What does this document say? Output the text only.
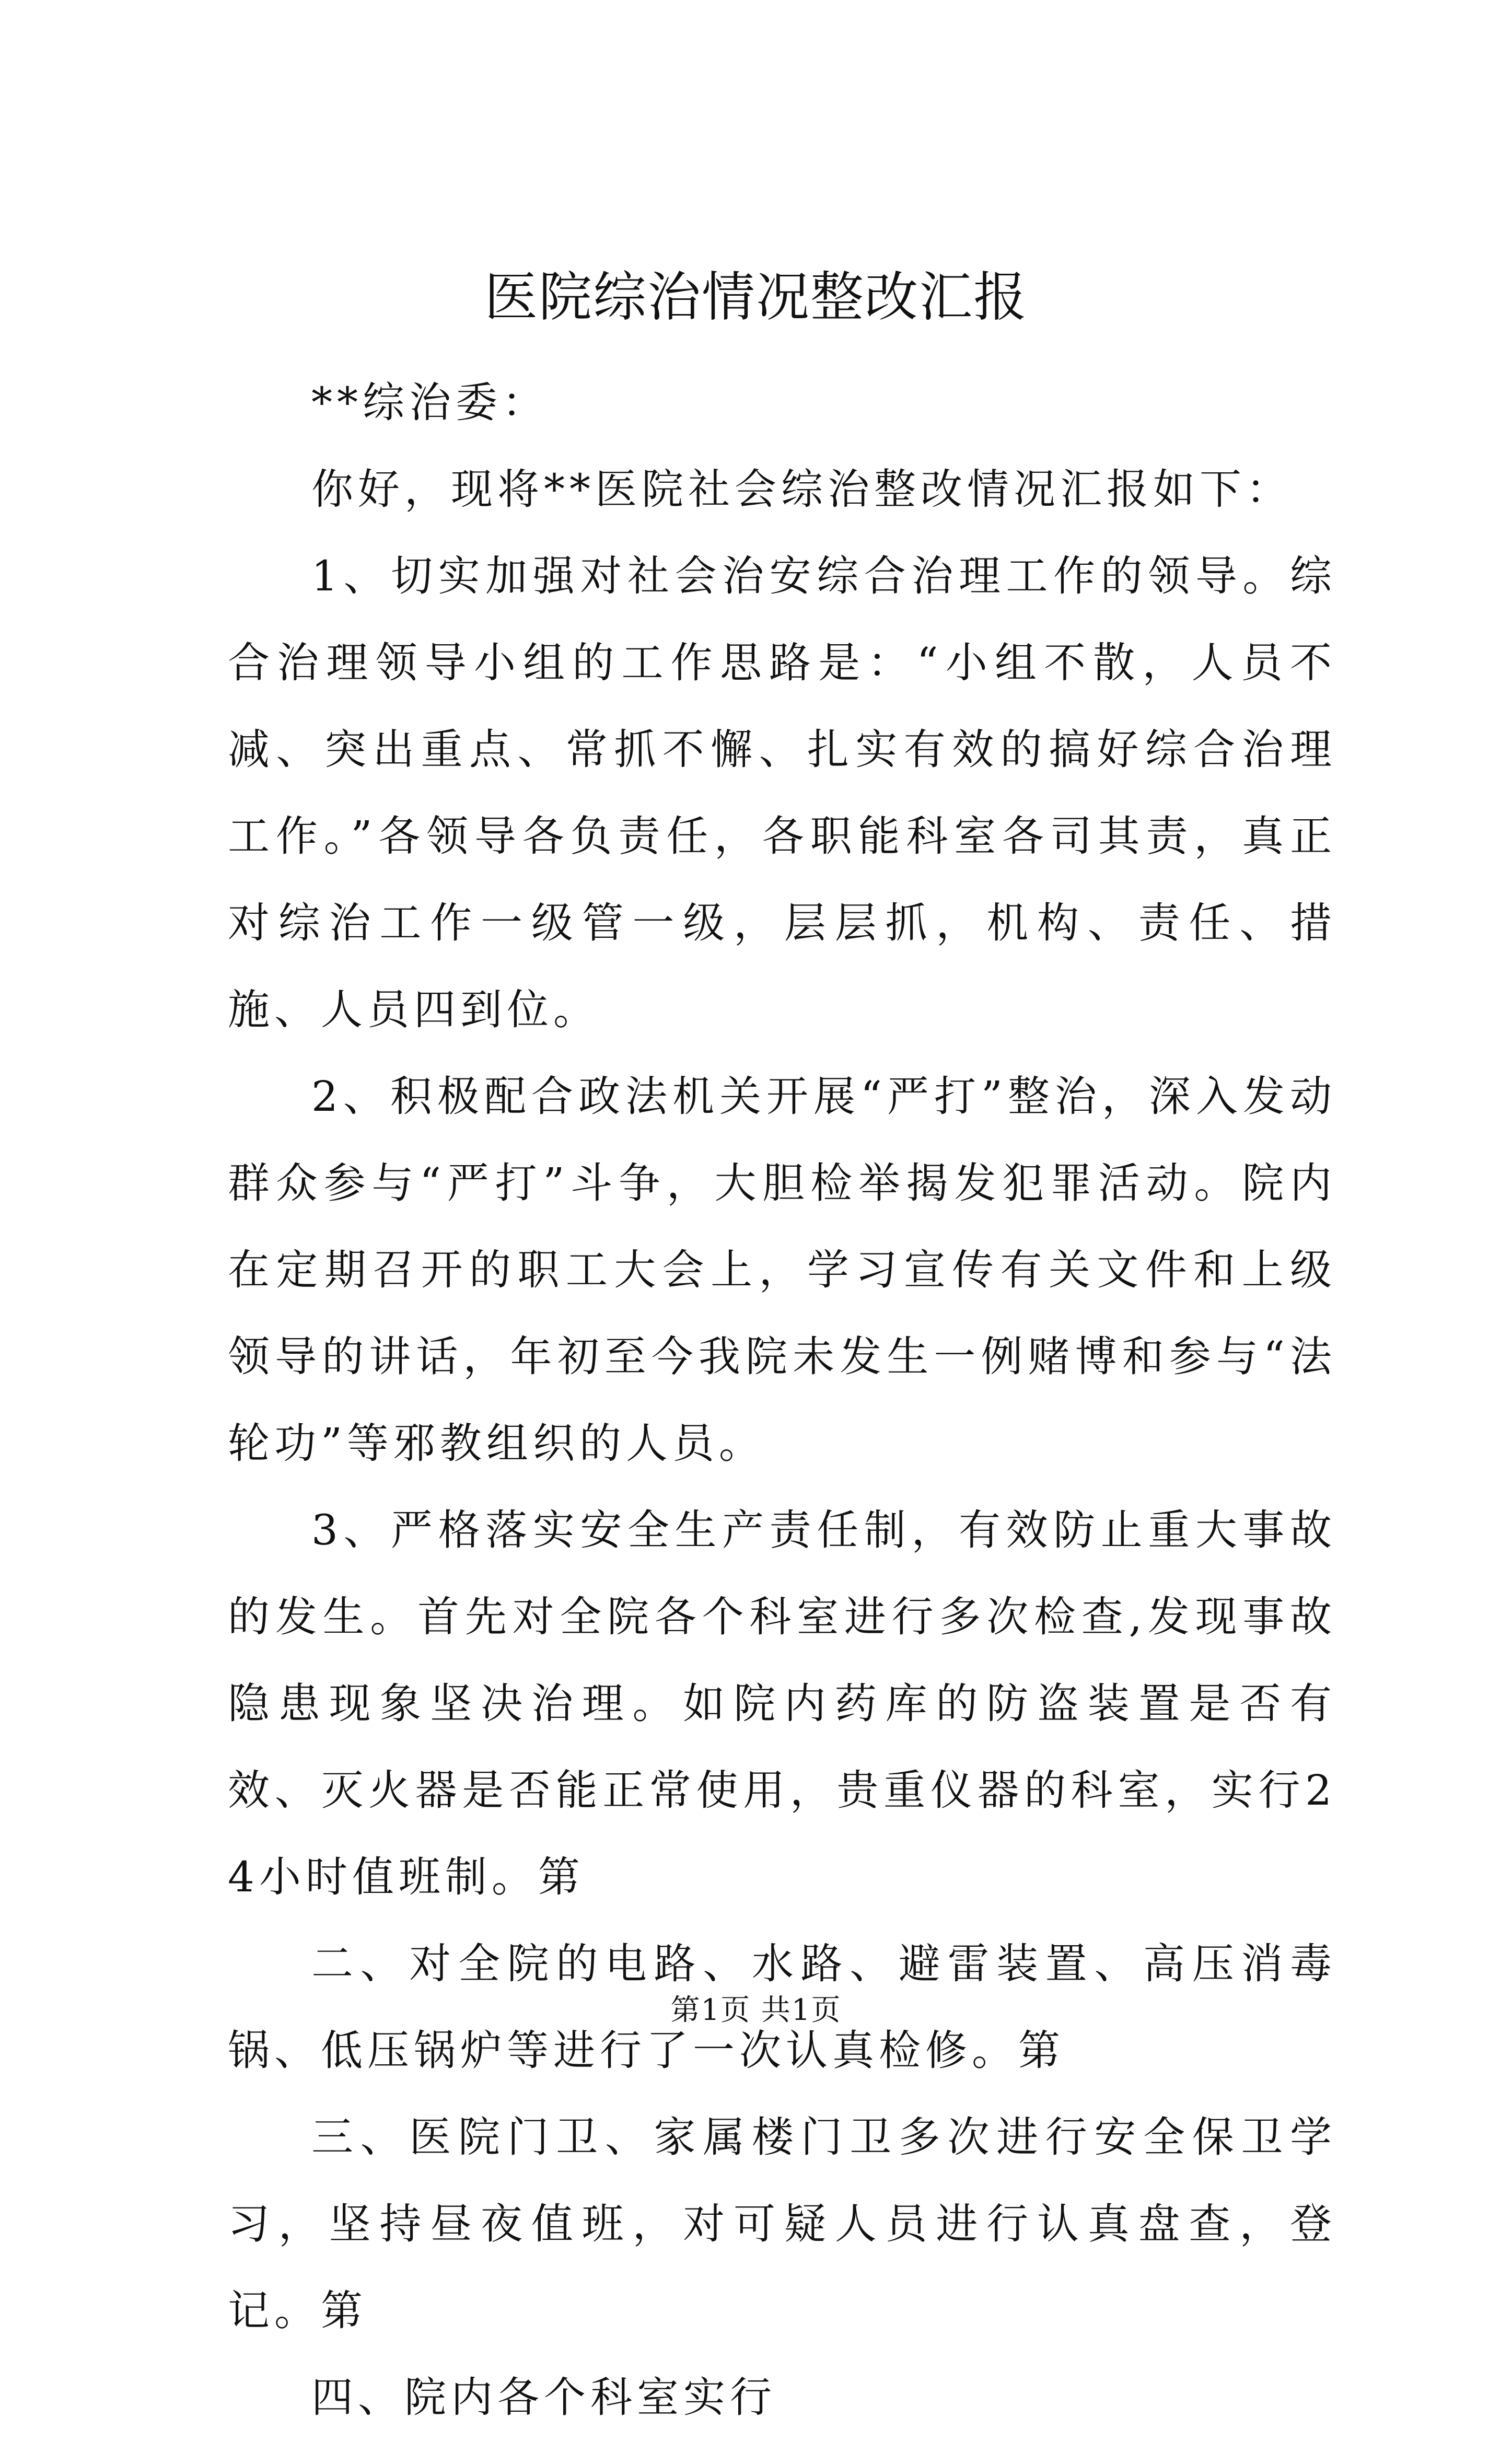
医院综治情况整改汇报

**综治委：

你好，现将**医院社会综治整改情况汇报如下：

1、切实加强对社会治安综合治理工作的领导。综合治理领导小组的工作思路是：“小组不散，人员不减、突出重点、常抓不懈、扎实有效的搞好综合治理工作。”各领导各负责任，各职能科室各司其责，真正对综治工作一级管一级，层层抓，机构、责任、措施、人员四到位。

2、积极配合政法机关开展“严打”整治，深入发动群众参与“严打”斗争，大胆检举揭发犯罪活动。院内在定期召开的职工大会上，学习宣传有关文件和上级领导的讲话，年初至今我院未发生一例赌博和参与“法轮功”等邪教组织的人员。

3、严格落实安全生产责任制，有效防止重大事故的发生。首先对全院各个科室进行多次检查,发现事故隐患现象坚决治理。如院内药库的防盗装置是否有效、灭火器是否能正常使用，贵重仪器的科室，实行24小时值班制。第

二、对全院的电路、水路、避雷装置、高压消毒锅、低压锅炉等进行了一次认真检修。第

三、医院门卫、家属楼门卫多次进行安全保卫学习，坚持昼夜值班，对可疑人员进行认真盘查，登记。第

四、院内各个科室实行

第1页 共1页
